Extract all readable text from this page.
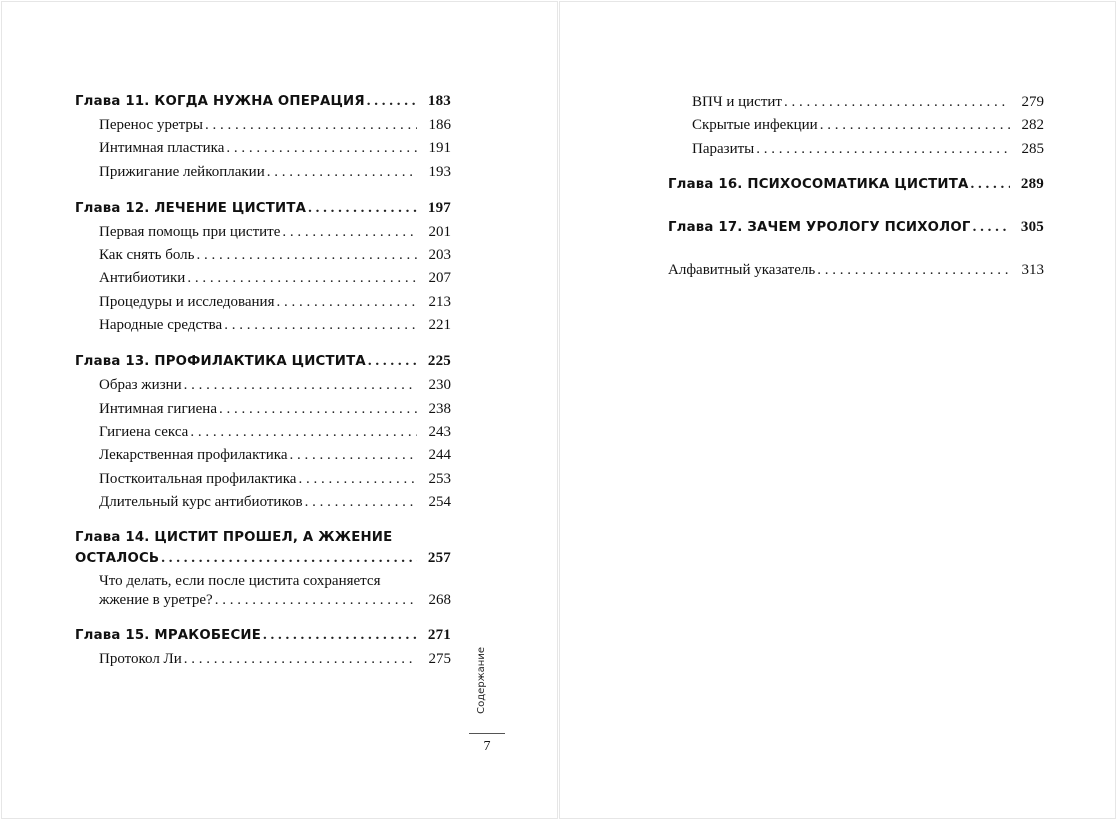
Глава 11. КОГДА НУЖНА ОПЕРАЦИЯ . . .	183
Перенос уретры . . .	186
Интимная пластика . . .	191
Прижигание лейкоплакии . . .	193
Глава 12. ЛЕЧЕНИЕ ЦИСТИТА . . .	197
Первая помощь при цистите . . .	201
Как снять боль . . .	203
Антибиотики . . .	207
Процедуры и исследования . . .	213
Народные средства . . .	221
Глава 13. ПРОФИЛАКТИКА ЦИСТИТА . . .	225
Образ жизни . . .	230
Интимная гигиена . . .	238
Гигиена секса . . .	243
Лекарственная профилактика . . .	244
Посткоитальная профилактика . . .	253
Длительный курс антибиотиков . . .	254
Глава 14. ЦИСТИТ ПРОШЕЛ, А ЖЖЕНИЕ
ОСТАЛОСЬ . . .	257
Что делать, если после цистита сохраняется
жжение в уретре? . . .	268
Глава 15. МРАКОБЕСИЕ . . .	271
Протокол Ли . . .	275	Содержание
7
ВПЧ и цистит . . .	279
Скрытые инфекции . . .	282
Паразиты . . .	285
Глава 16. ПСИХОСОМАТИКА ЦИСТИТА . . .	289
Глава 17. ЗАЧЕМ УРОЛОГУ ПСИХОЛОГ . . .	305
Алфавитный указатель . . .	313
